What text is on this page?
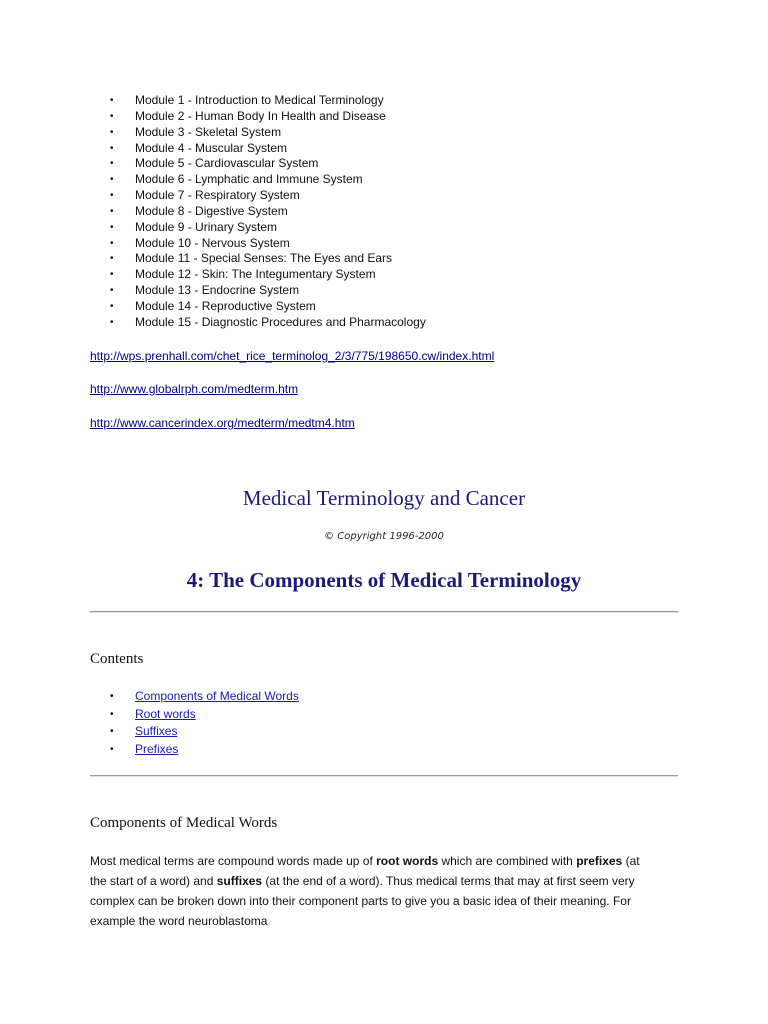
• Module 1 - Introduction to Medical Terminology
• Module 2 - Human Body In Health and Disease
• Module 3 - Skeletal System
• Module 4 - Muscular System
• Module 5 - Cardiovascular System
• Module 6 - Lymphatic and Immune System
• Module 7 - Respiratory System
• Module 8 - Digestive System
• Module 9 - Urinary System
• Module 10 - Nervous System
• Module 11 - Special Senses: The Eyes and Ears
• Module 12 - Skin: The Integumentary System
• Module 13 - Endocrine System
• Module 14 - Reproductive System
• Module 15 - Diagnostic Procedures and Pharmacology
http://wps.prenhall.com/chet_rice_terminolog_2/3/775/198650.cw/index.html
http://www.globalrph.com/medterm.htm
http://www.cancerindex.org/medterm/medtm4.htm
Medical Terminology and Cancer
© Copyright 1996-2000
4: The Components of Medical Terminology
Contents
• Components of Medical Words
• Root words
• Suffixes
• Prefixes
Components of Medical Words
Most medical terms are compound words made up of root words which are combined with prefixes (at
the start of a word) and suffixes (at the end of a word). Thus medical terms that may at first seem very
complex can be broken down into their component parts to give you a basic idea of their meaning. For
example the word neuroblastoma
